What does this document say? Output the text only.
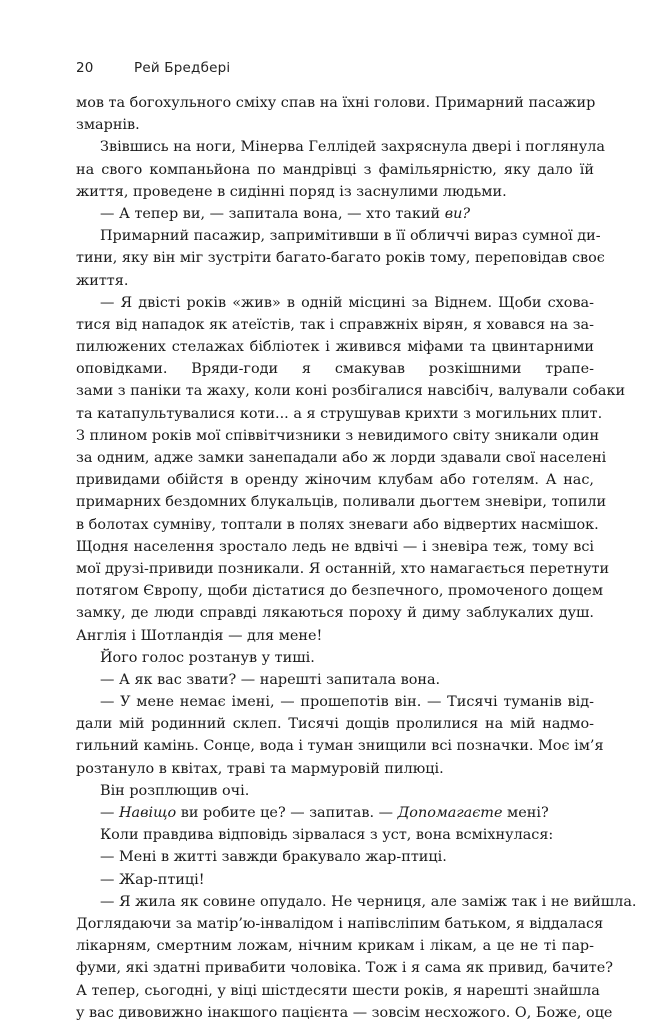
20	Рей Бредбері
мов та богохульного сміху спав на їхні голови. Примарний пасажир
змарнів.
Звівшись на ноги, Мінерва Геллідей захряснула двері і поглянула
на свого компаньйона по мандрівці з фамільярністю, яку дало їй
життя, проведене в сидінні поряд із заснулими людьми.
— А тепер ви, — запитала вона, — хто такий ви?
Примарний пасажир, запримітивши в її обличчі вираз сумної ди-
тини, яку він міг зустріти багато-багато років тому, переповідав своє
життя.
— Я двісті років «жив» в одній місцині за Віднем. Щоби схова-
тися від нападок як атеїстів, так і справжніх вірян, я ховався на за-
пилюжених стелажах бібліотек і живився міфами та цвинтарними
оповідками. Вряди-годи я смакував розкішними трапе-
зами з паніки та жаху, коли коні розбігалися навсібіч, валували собаки
та катапультувалися коти... а я струшував крихти з могильних плит.
З плином років мої співвітчизники з невидимого світу зникали один
за одним, адже замки занепадали або ж лорди здавали свої населені
привидами обійстя в оренду жіночим клубам або готелям. А нас,
примарних бездомних блукальців, поливали дьогтем зневіри, топили
в болотах сумніву, топтали в полях зневаги або відвертих насмішок.
Щодня населення зростало ледь не вдвічі — і зневіра теж, тому всі
мої друзі-привиди позникали. Я останній, хто намагається перетнути
потягом Європу, щоби дістатися до безпечного, промоченого дощем
замку, де люди справді лякаються пороху й диму заблукалих душ.
Англія і Шотландія — для мене!
Його голос розтанув у тиші.
— А як вас звати? — нарешті запитала вона.
— У мене немає імені, — прошепотів він. — Тисячі туманів від-
дали мій родинний склеп. Тисячі дощів пролилися на мій надмо-
гильний камінь. Сонце, вода і туман знищили всі позначки. Моє ім’я
розтануло в квітах, траві та мармуровій пилюці.
Він розплющив очі.
— Навіщо ви робите це? — запитав. — Допомагаєте мені?
Коли правдива відповідь зірвалася з уст, вона всміхнулася:
— Мені в житті завжди бракувало жар-птиці.
— Жар-птиці!
— Я жила як совине опудало. Не черниця, але заміж так і не вийшла.
Доглядаючи за матір’ю-інвалідом і напівсліпим батьком, я віддалася
лікарням, смертним ложам, нічним крикам і лікам, а це не ті пар-
фуми, які здатні привабити чоловіка. Тож і я сама як привид, бачите?
А тепер, сьогодні, у віці шістдесяти шести років, я нарешті знайшла
у вас дивовижно інакшого пацієнта — зовсім несхожого. О, Боже, оце
